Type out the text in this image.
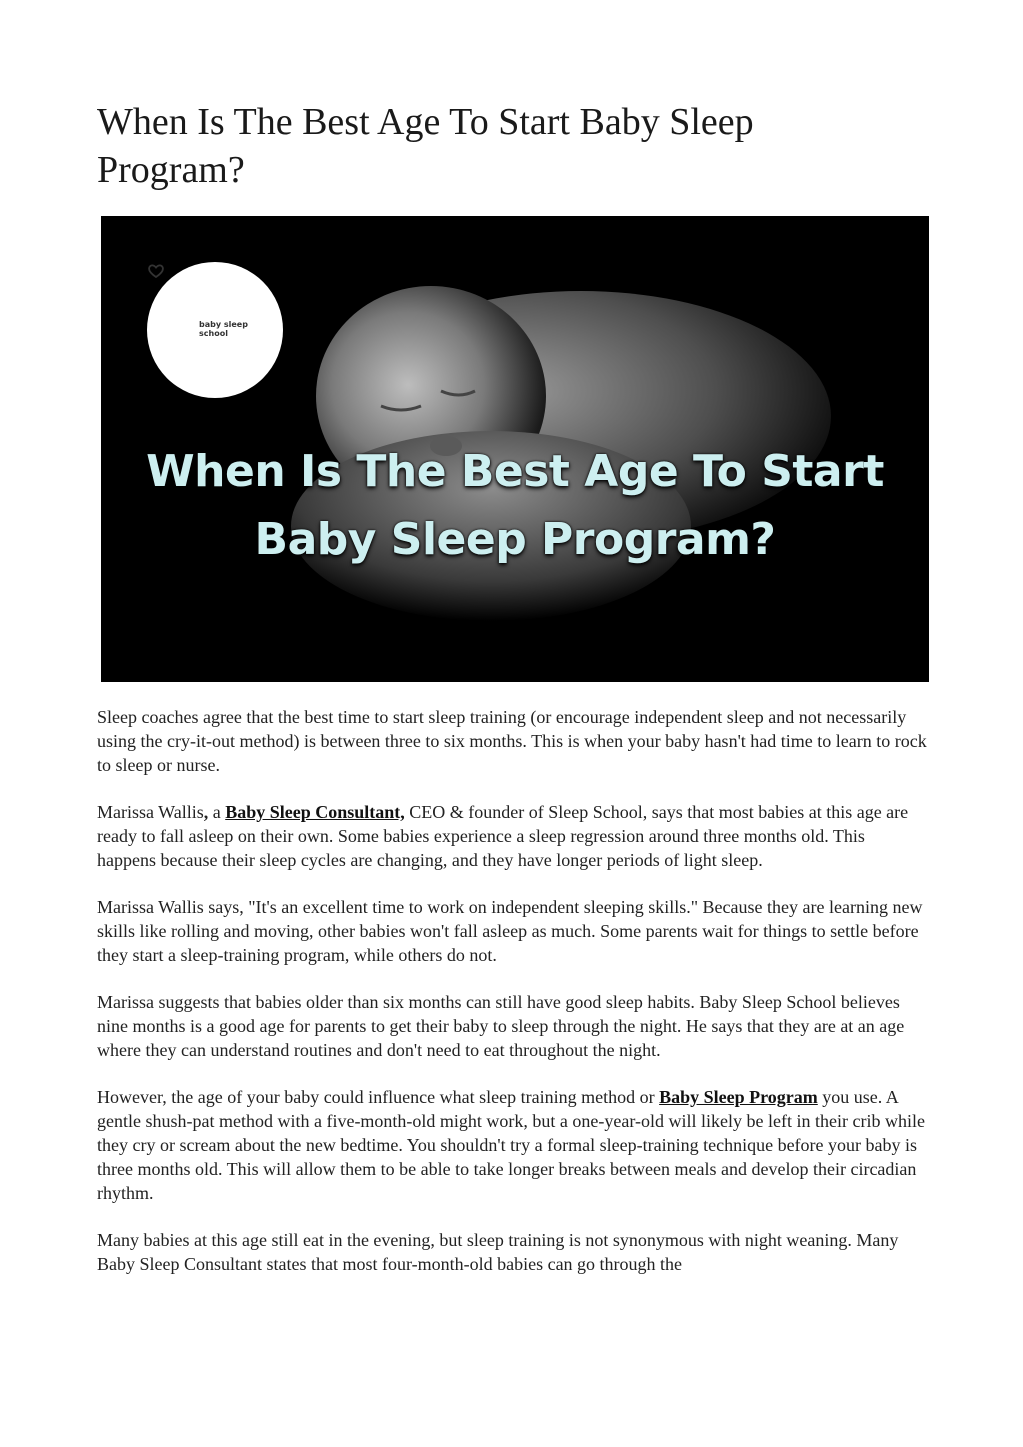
When Is The Best Age To Start Baby Sleep Program?
baby sleep
school
When Is The Best Age To Start
Baby Sleep Program?

Sleep coaches agree that the best time to start sleep training (or encourage independent sleep and not necessarily using the cry-it-out method) is between three to six months. This is when your baby hasn't had time to learn to rock to sleep or nurse.

Marissa Wallis, a Baby Sleep Consultant, CEO & founder of Sleep School, says that most babies at this age are ready to fall asleep on their own. Some babies experience a sleep regression around three months old. This happens because their sleep cycles are changing, and they have longer periods of light sleep.

Marissa Wallis says, "It's an excellent time to work on independent sleeping skills." Because they are learning new skills like rolling and moving, other babies won't fall asleep as much. Some parents wait for things to settle before they start a sleep-training program, while others do not.

Marissa suggests that babies older than six months can still have good sleep habits. Baby Sleep School believes nine months is a good age for parents to get their baby to sleep through the night. He says that they are at an age where they can understand routines and don't need to eat throughout the night.

However, the age of your baby could influence what sleep training method or Baby Sleep Program you use. A gentle shush-pat method with a five-month-old might work, but a one-year-old will likely be left in their crib while they cry or scream about the new bedtime. You shouldn't try a formal sleep-training technique before your baby is three months old. This will allow them to be able to take longer breaks between meals and develop their circadian rhythm.

Many babies at this age still eat in the evening, but sleep training is not synonymous with night weaning. Many Baby Sleep Consultant states that most four-month-old babies can go through the
